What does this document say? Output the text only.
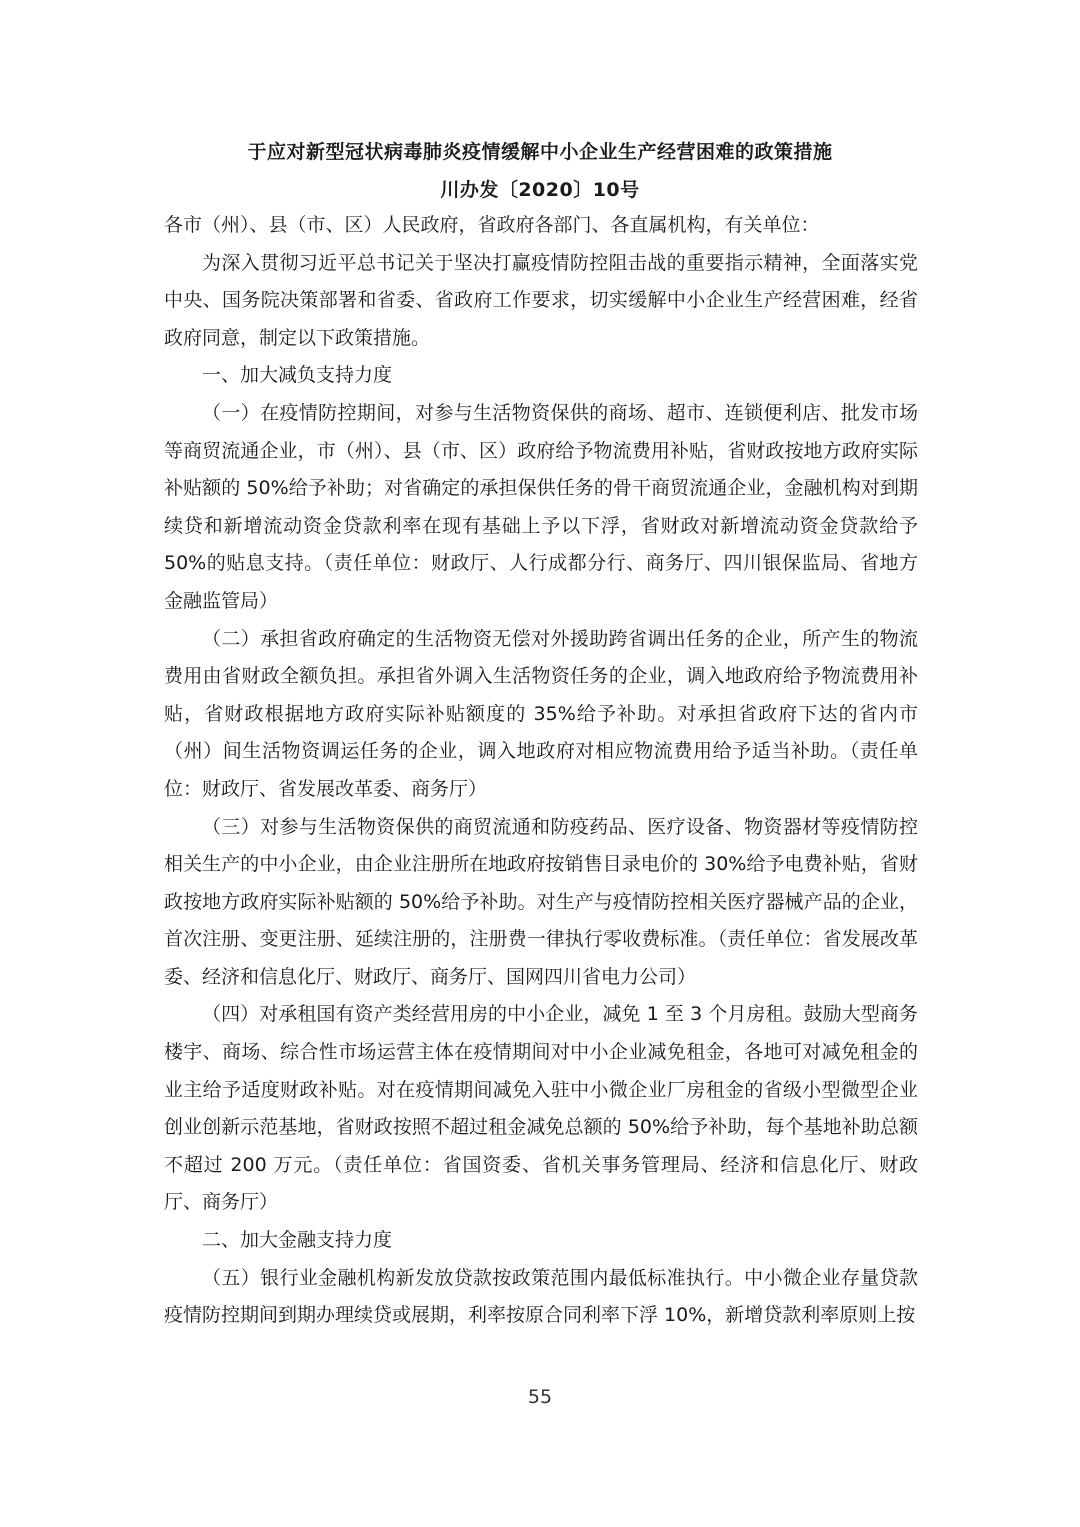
于应对新型冠状病毒肺炎疫情缓解中小企业生产经营困难的政策措施
川办发〔2020〕10号

各市（州）、县（市、区）人民政府，省政府各部门、各直属机构，有关单位：

为深入贯彻习近平总书记关于坚决打赢疫情防控阻击战的重要指示精神，全面落实党中央、国务院决策部署和省委、省政府工作要求，切实缓解中小企业生产经营困难，经省政府同意，制定以下政策措施。

一、加大减负支持力度

（一）在疫情防控期间，对参与生活物资保供的商场、超市、连锁便利店、批发市场等商贸流通企业，市（州）、县（市、区）政府给予物流费用补贴，省财政按地方政府实际补贴额的 50%给予补助；对省确定的承担保供任务的骨干商贸流通企业，金融机构对到期续贷和新增流动资金贷款利率在现有基础上予以下浮，省财政对新增流动资金贷款给予50%的贴息支持。（责任单位：财政厅、人行成都分行、商务厅、四川银保监局、省地方金融监管局）

（二）承担省政府确定的生活物资无偿对外援助跨省调出任务的企业，所产生的物流费用由省财政全额负担。承担省外调入生活物资任务的企业，调入地政府给予物流费用补贴，省财政根据地方政府实际补贴额度的 35%给予补助。对承担省政府下达的省内市（州）间生活物资调运任务的企业，调入地政府对相应物流费用给予适当补助。（责任单位：财政厅、省发展改革委、商务厅）

（三）对参与生活物资保供的商贸流通和防疫药品、医疗设备、物资器材等疫情防控相关生产的中小企业，由企业注册所在地政府按销售目录电价的 30%给予电费补贴，省财政按地方政府实际补贴额的 50%给予补助。对生产与疫情防控相关医疗器械产品的企业，首次注册、变更注册、延续注册的，注册费一律执行零收费标准。（责任单位：省发展改革委、经济和信息化厅、财政厅、商务厅、国网四川省电力公司）

（四）对承租国有资产类经营用房的中小企业，减免 1 至 3 个月房租。鼓励大型商务楼宇、商场、综合性市场运营主体在疫情期间对中小企业减免租金，各地可对减免租金的业主给予适度财政补贴。对在疫情期间减免入驻中小微企业厂房租金的省级小型微型企业创业创新示范基地，省财政按照不超过租金减免总额的 50%给予补助，每个基地补助总额不超过 200 万元。（责任单位：省国资委、省机关事务管理局、经济和信息化厅、财政厅、商务厅）

二、加大金融支持力度

（五）银行业金融机构新发放贷款按政策范围内最低标准执行。中小微企业存量贷款疫情防控期间到期办理续贷或展期，利率按原合同利率下浮 10%，新增贷款利率原则上按

55
